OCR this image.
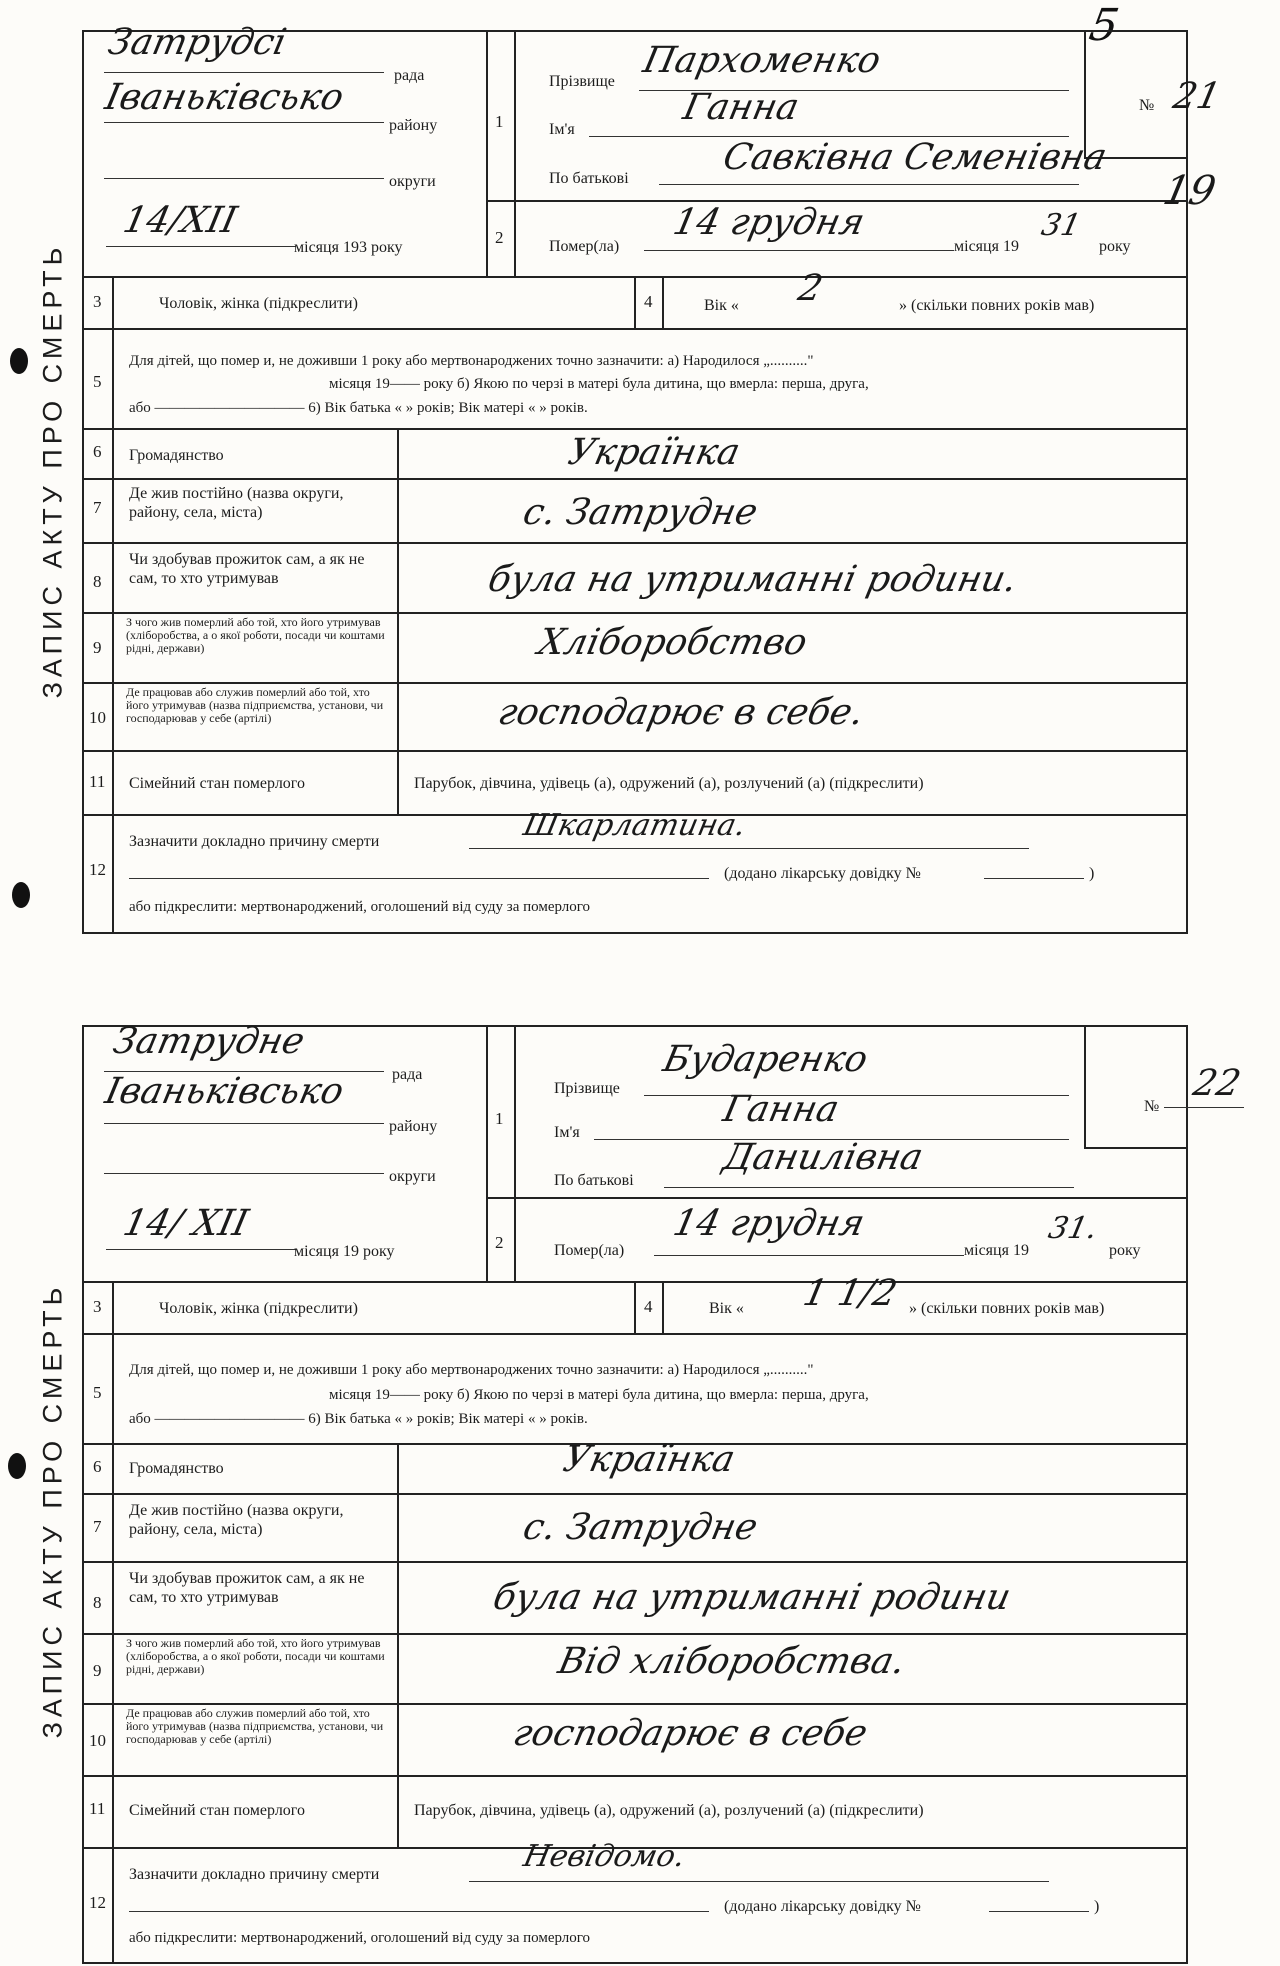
ЗАПИС АКТУ ПРО СМЕРТЬ
5
Затрудсі
рада
Іваньківсько
району
округи
14/XII
місяця 193 року
1
Прізвище
Пархоменко
Ім'я
Ганна
По батькові
Савківна Семенівна
№ 21
19
2	Помер(ла)
14 грудня
місяця 19
31
року
3	Чоловік, жінка (підкреслити)	4	Вік « 2	» (скільки повних років мав)
5
Для дітей, що помер и, не доживши 1 року або мертвонароджених точно зазначити: а) Народилося „.........."
місяця 19—— року б) Якою по черзі в матері була дитина, що вмерла: перша, друга,
або —————————— 6) Вік батька « » років; Вік матері « » років.
6 Громадянство	Українка
7
Де жив постійно (назва округи, району, села, міста)	с. Затрудне
8
Чи здобував прожиток сам, а як не сам, то хто утримував	була на утриманні родини.
9
З чого жив померлий або той, хто його утримував (хліборобства, а о якої роботи, посади чи коштами рідні, держави)	Хліборобство
10
Де працював або служив померлий або той, хто його утримував (назва підприємства, установи, чи господарював у себе (артілі)	господарює в себе.
11 Сімейний стан померлого	Парубок, дівчина, удівець (а), одружений (а), розлучений (а) (підкреслити)
12
Зазначити докладно причину смерти	Шкарлатина.
(додано лікарську довідку №	)
або підкреслити: мертвонароджений, оголошений від суду за померлого
ЗАПИС АКТУ ПРО СМЕРТЬ
Затрудне
рада
Іваньківсько
району
округи
14/ XII
місяця 19 року
1
Прізвище
Бударенко
Ім'я
Ганна
По батькові
Данилівна
№
22
2	Помер(ла)
14 грудня
місяця 19
31.
року
3	Чоловік, жінка (підкреслити)	4	Вік « 1 1/2 » (скільки повних років мав)
5
Для дітей, що помер и, не доживши 1 року або мертвонароджених точно зазначити: а) Народилося „.........."
місяця 19—— року б) Якою по черзі в матері була дитина, що вмерла: перша, друга,
або —————————— 6) Вік батька « » років; Вік матері « » років.
6 Громадянство	Українка
7
Де жив постійно (назва округи, району, села, міста)	с. Затрудне
8
Чи здобував прожиток сам, а як не сам, то хто утримував	була на утриманні родини
9
З чого жив померлий або той, хто його утримував (хліборобства, а о якої роботи, посади чи коштами рідні, держави)	Від хліборобства.
10
Де працював або служив померлий або той, хто його утримував (назва підприємства, установи, чи господарював у себе (артілі)	господарює в себе
11 Сімейний стан померлого	Парубок, дівчина, удівець (а), одружений (а), розлучений (а) (підкреслити)
12
Зазначити докладно причину смерти
Невідомо.
(додано лікарську довідку №	)
або підкреслити: мертвонароджений, оголошений від суду за померлого
